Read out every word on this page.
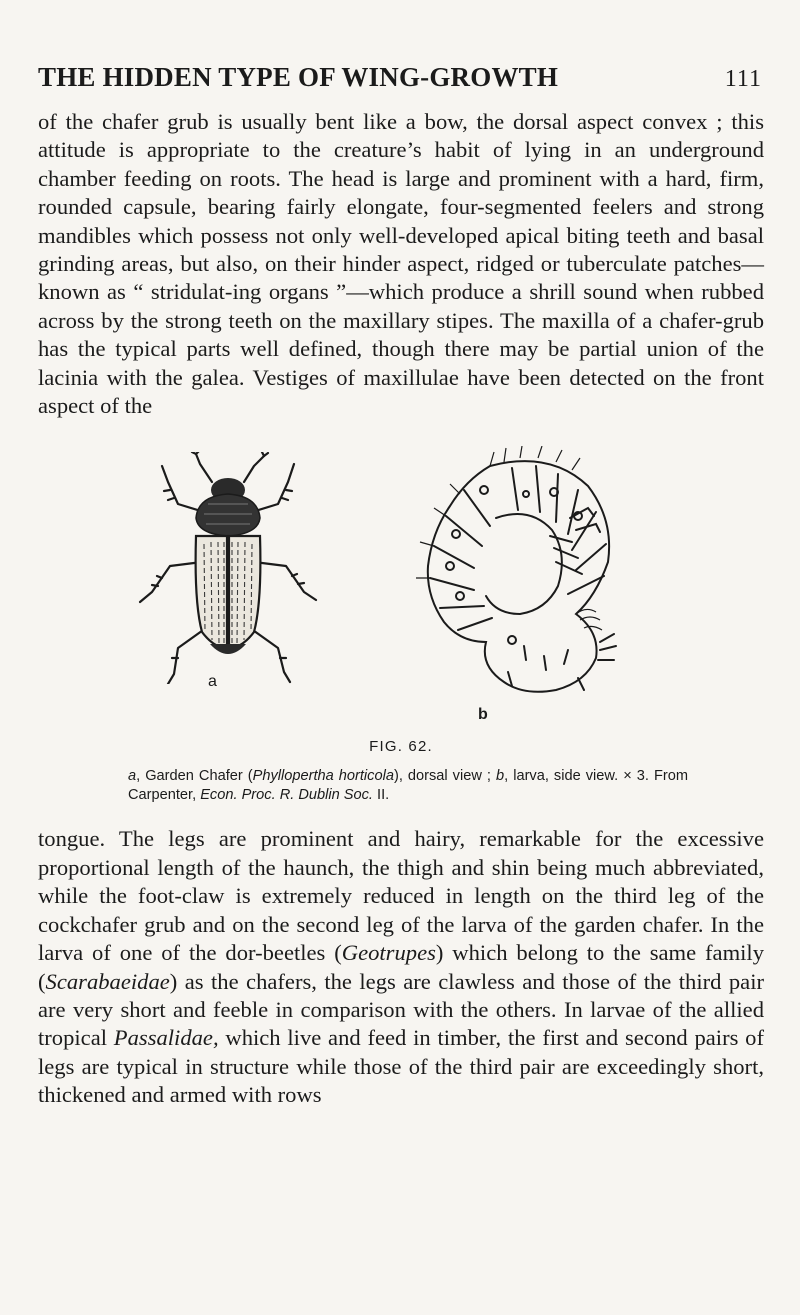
THE HIDDEN TYPE OF WING-GROWTH	111

of the chafer grub is usually bent like a bow, the dorsal aspect convex ; this attitude is appropriate to the creature’s habit of lying in an underground chamber feeding on roots. The head is large and prominent with a hard, firm, rounded capsule, bearing fairly elongate, four-segmented feelers and strong mandibles which possess not only well-developed apical biting teeth and basal grinding areas, but also, on their hinder aspect, ridged or tuberculate patches—known as “ stridulat-ing organs ”—which produce a shrill sound when rubbed across by the strong teeth on the maxillary stipes. The maxilla of a chafer-grub has the typical parts well defined, though there may be partial union of the lacinia with the galea. Vestiges of maxillulae have been detected on the front aspect of the

a
b
FIG. 62.

a, Garden Chafer (Phyllopertha horticola), dorsal view ; b, larva, side view. × 3. From Carpenter, Econ. Proc. R. Dublin Soc. II.

tongue. The legs are prominent and hairy, remarkable for the excessive proportional length of the haunch, the thigh and shin being much abbreviated, while the foot-claw is extremely reduced in length on the third leg of the cockchafer grub and on the second leg of the larva of the garden chafer. In the larva of one of the dor-beetles (Geotrupes) which belong to the same family (Scarabaeidae) as the chafers, the legs are clawless and those of the third pair are very short and feeble in comparison with the others. In larvae of the allied tropical Passalidae, which live and feed in timber, the first and second pairs of legs are typical in structure while those of the third pair are exceedingly short, thickened and armed with rows
